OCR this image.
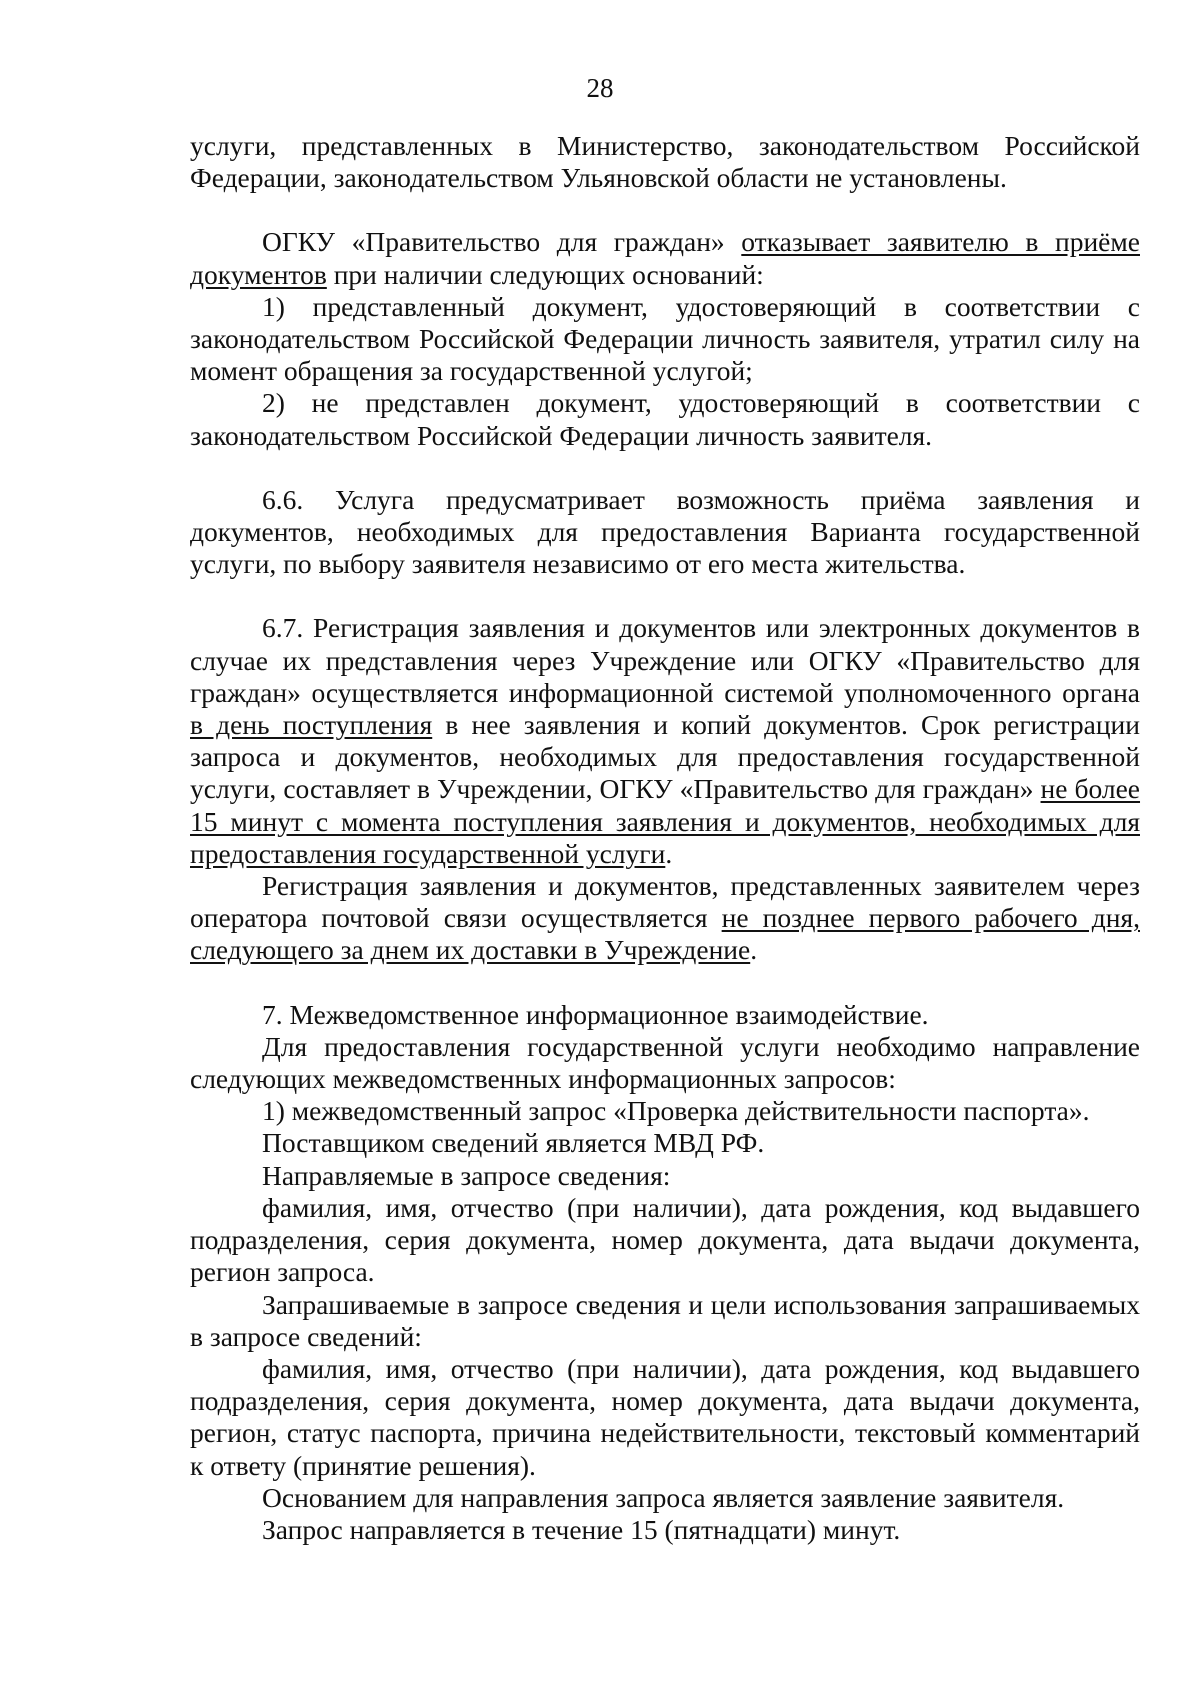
28

услуги, представленных в Министерство, законодательством Российской Федерации, законодательством Ульяновской области не установлены.

ОГКУ «Правительство для граждан» отказывает заявителю в приёме документов при наличии следующих оснований:

1) представленный документ, удостоверяющий в соответствии с законодательством Российской Федерации личность заявителя, утратил силу на момент обращения за государственной услугой;

2) не представлен документ, удостоверяющий в соответствии с законодательством Российской Федерации личность заявителя.

6.6. Услуга предусматривает возможность приёма заявления и документов, необходимых для предоставления Варианта государственной услуги, по выбору заявителя независимо от его места жительства.

6.7. Регистрация заявления и документов или электронных документов в случае их представления через Учреждение или ОГКУ «Правительство для граждан» осуществляется информационной системой уполномоченного органа в день поступления в нее заявления и копий документов. Срок регистрации запроса и документов, необходимых для предоставления государственной услуги, составляет в Учреждении, ОГКУ «Правительство для граждан» не более 15 минут с момента поступления заявления и документов, необходимых для предоставления государственной услуги.

Регистрация заявления и документов, представленных заявителем через оператора почтовой связи осуществляется не позднее первого рабочего дня, следующего за днем их доставки в Учреждение.

7. Межведомственное информационное взаимодействие.

Для предоставления государственной услуги необходимо направление следующих межведомственных информационных запросов:

1) межведомственный запрос «Проверка действительности паспорта».

Поставщиком сведений является МВД РФ.

Направляемые в запросе сведения:

фамилия, имя, отчество (при наличии), дата рождения, код выдавшего подразделения, серия документа, номер документа, дата выдачи документа, регион запроса.

Запрашиваемые в запросе сведения и цели использования запрашиваемых в запросе сведений:

фамилия, имя, отчество (при наличии), дата рождения, код выдавшего подразделения, серия документа, номер документа, дата выдачи документа, регион, статус паспорта, причина недействительности, текстовый комментарий к ответу (принятие решения).

Основанием для направления запроса является заявление заявителя.

Запрос направляется в течение 15 (пятнадцати) минут.
